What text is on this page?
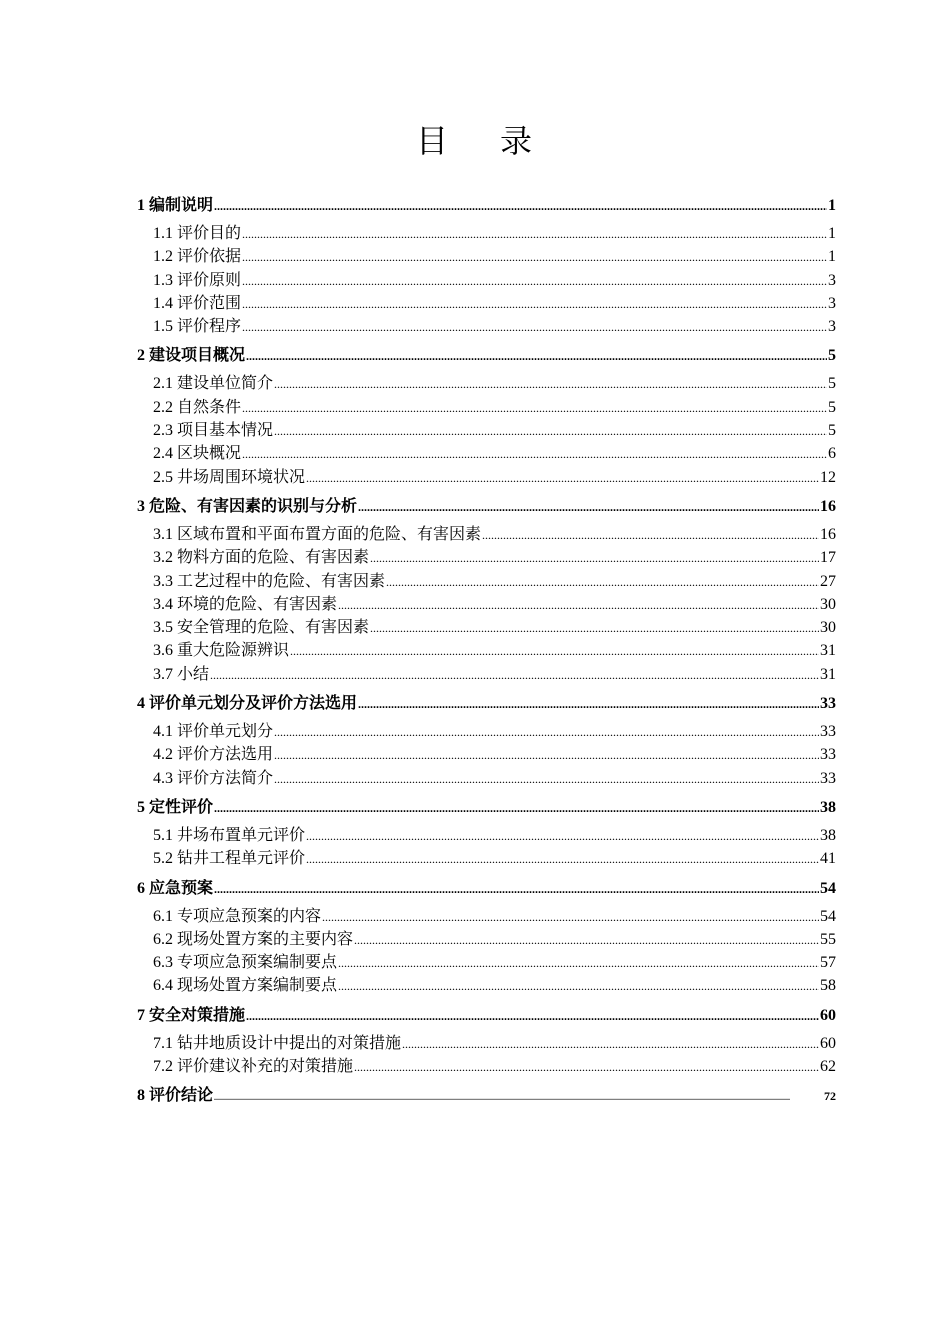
目 录
1 编制说明 .....	1
1.1 评价目的 .....	1
1.2 评价依据 .....	1
1.3 评价原则 .....	3
1.4 评价范围 .....	3
1.5 评价程序 .....	3
2 建设项目概况 .....	5
2.1 建设单位简介 .....	5
2.2 自然条件 .....	5
2.3 项目基本情况 .....	5
2.4 区块概况 .....	6
2.5 井场周围环境状况 .....	12
3 危险、有害因素的识别与分析 .....	16
3.1 区域布置和平面布置方面的危险、有害因素 .....	16
3.2 物料方面的危险、有害因素 .....	17
3.3 工艺过程中的危险、有害因素 .....	27
3.4 环境的危险、有害因素 .....	30
3.5 安全管理的危险、有害因素 .....	30
3.6 重大危险源辨识 .....	31
3.7 小结 .....	31
4 评价单元划分及评价方法选用 .....	33
4.1 评价单元划分 .....	33
4.2 评价方法选用 .....	33
4.3 评价方法简介 .....	33
5 定性评价 .....	38
5.1 井场布置单元评价 .....	38
5.2 钻井工程单元评价 .....	41
6 应急预案 .....	54
6.1 专项应急预案的内容 .....	54
6.2 现场处置方案的主要内容 .....	55
6.3 专项应急预案编制要点 .....	57
6.4 现场处置方案编制要点 .....	58
7 安全对策措施 .....	60
7.1 钻井地质设计中提出的对策措施 .....	60
7.2 评价建议补充的对策措施 .....	62
8 评价结论 .....	72
